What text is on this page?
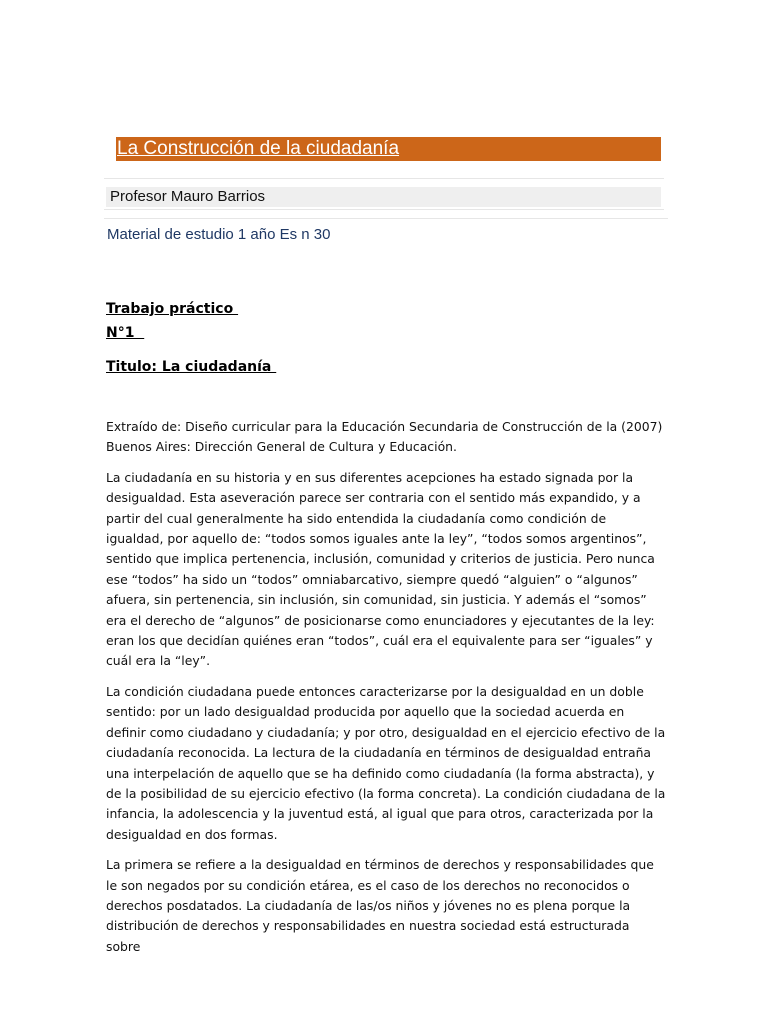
La Construcción de la ciudadanía
Profesor Mauro Barrios
Material de estudio 1 año Es n 30
Trabajo práctico
N°1
Titulo: La ciudadanía

Extraído de: Diseño curricular para la Educación Secundaria de Construcción de la (2007) Buenos Aires: Dirección General de Cultura y Educación.

La ciudadanía en su historia y en sus diferentes acepciones ha estado signada por la desigualdad. Esta aseveración parece ser contraria con el sentido más expandido, y a partir del cual generalmente ha sido entendida la ciudadanía como condición de igualdad, por aquello de: “todos somos iguales ante la ley”, “todos somos argentinos”, sentido que implica pertenencia, inclusión, comunidad y criterios de justicia. Pero nunca ese “todos” ha sido un “todos” omniabarcativo, siempre quedó “alguien” o “algunos” afuera, sin pertenencia, sin inclusión, sin comunidad, sin justicia. Y además el “somos” era el derecho de “algunos” de posicionarse como enunciadores y ejecutantes de la ley: eran los que decidían quiénes eran “todos”, cuál era el equivalente para ser “iguales” y cuál era la “ley”.

La condición ciudadana puede entonces caracterizarse por la desigualdad en un doble sentido: por un lado desigualdad producida por aquello que la sociedad acuerda en definir como ciudadano y ciudadanía; y por otro, desigualdad en el ejercicio efectivo de la ciudadanía reconocida. La lectura de la ciudadanía en términos de desigualdad entraña una interpelación de aquello que se ha definido como ciudadanía (la forma abstracta), y de la posibilidad de su ejercicio efectivo (la forma concreta). La condición ciudadana de la infancia, la adolescencia y la juventud está, al igual que para otros, caracterizada por la desigualdad en dos formas.

La primera se refiere a la desigualdad en términos de derechos y responsabilidades que le son negados por su condición etárea, es el caso de los derechos no reconocidos o derechos posdatados. La ciudadanía de las/os niños y jóvenes no es plena porque la distribución de derechos y responsabilidades en nuestra sociedad está estructurada sobre
